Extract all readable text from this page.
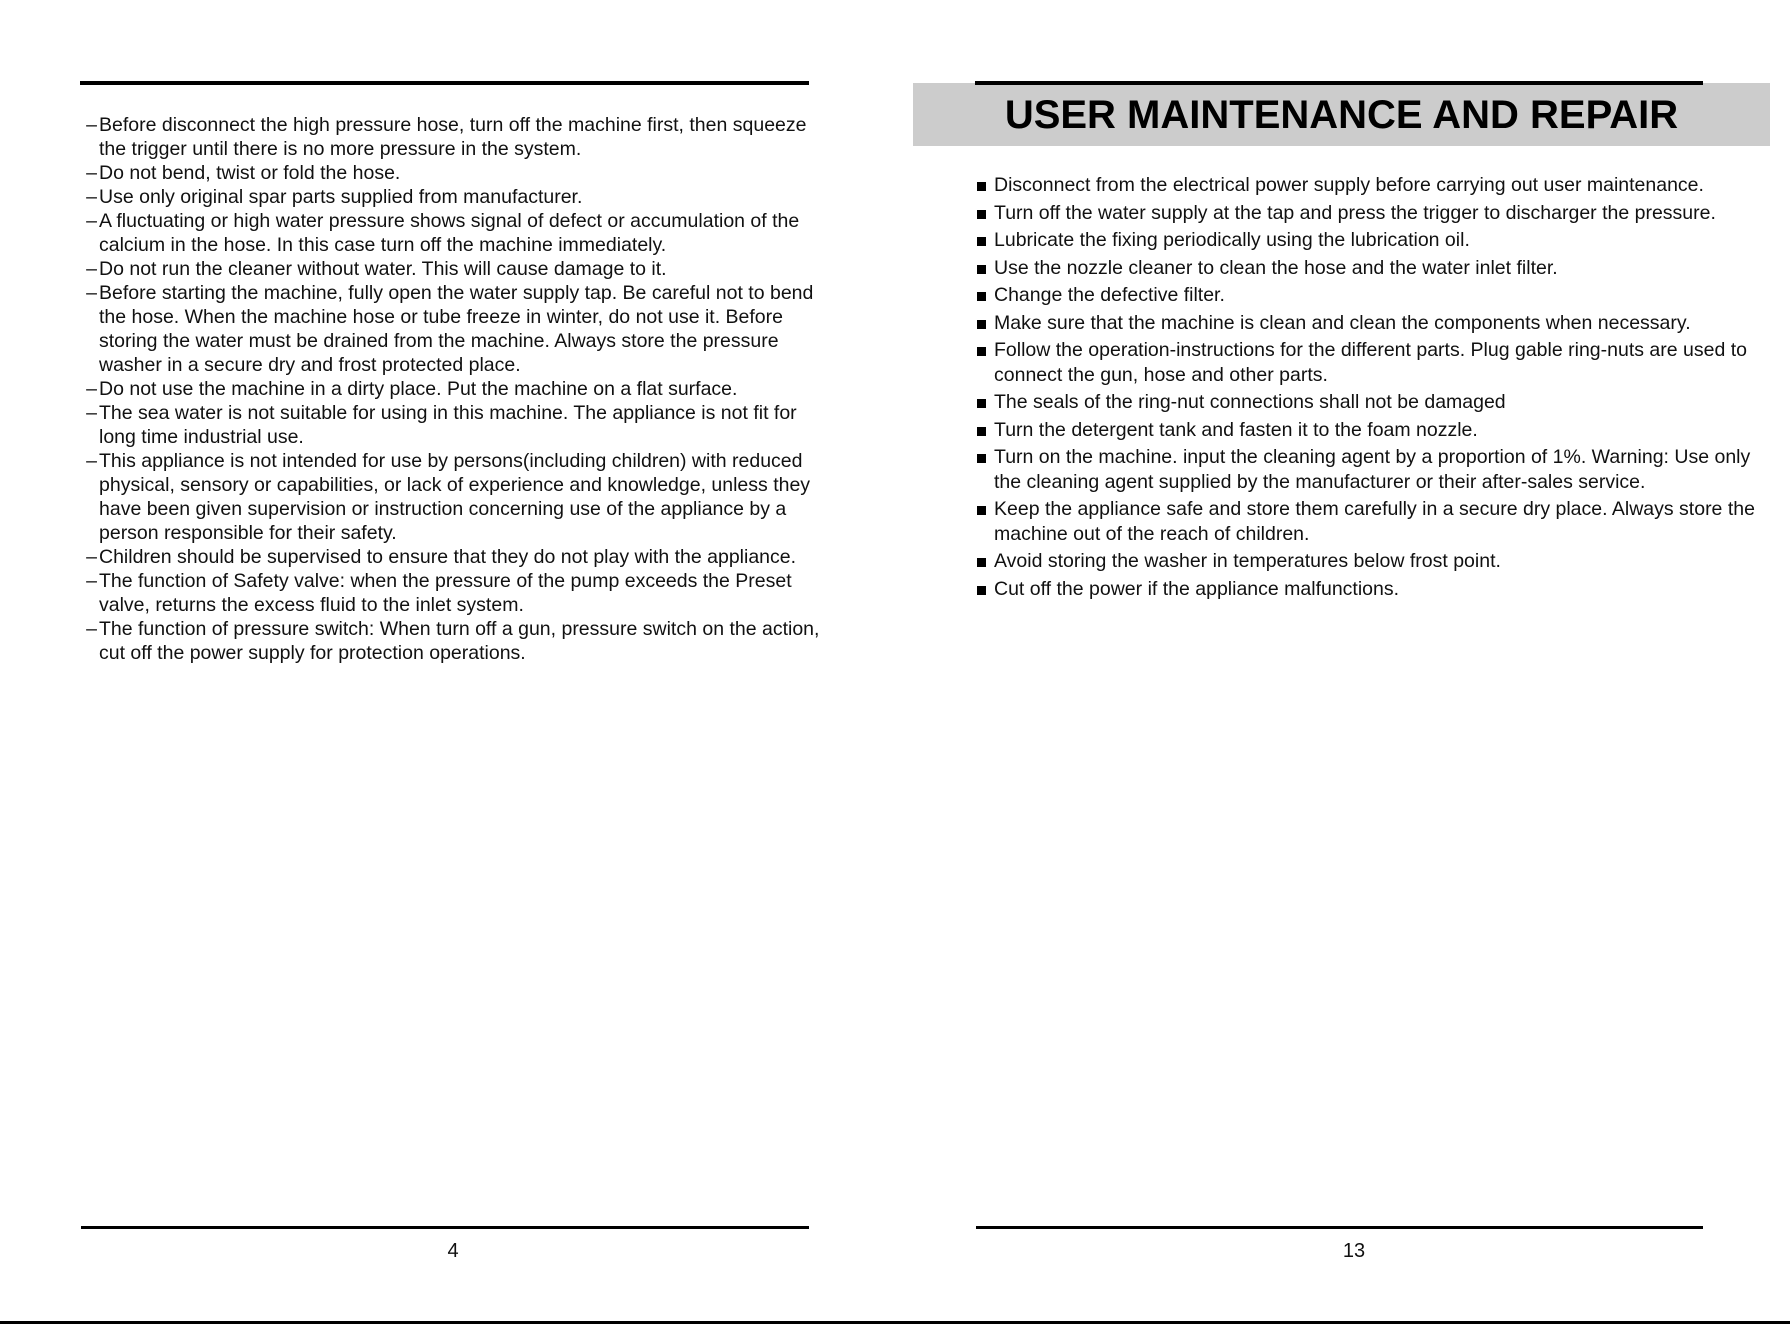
– Before disconnect the high pressure hose, turn off the machine first, then squeeze the trigger until there is no more pressure in the system.
– Do not bend, twist or fold the hose.
– Use only original spar parts supplied from manufacturer.
– A fluctuating or high water pressure shows signal of defect or accumulation of the calcium in the hose. In this case turn off the machine immediately.
– Do not run the cleaner without water. This will cause damage to it.
– Before starting the machine, fully open the water supply tap. Be careful not to bend the hose. When the machine hose or tube freeze in winter, do not use it. Before storing the water must be drained from the machine. Always store the pressure washer in a secure dry and frost protected place.
– Do not use the machine in a dirty place. Put the machine on a flat surface.
– The sea water is not suitable for using in this machine. The appliance is not fit for long time industrial use.
– This appliance is not intended for use by persons(including children) with reduced physical, sensory or capabilities, or lack of experience and knowledge, unless they have been given supervision or instruction concerning use of the appliance by a person responsible for their safety.
– Children should be supervised to ensure that they do not play with the appliance.
– The function of Safety valve: when the pressure of the pump exceeds the Preset valve, returns the excess fluid to the inlet system.
– The function of pressure switch: When turn off a gun, pressure switch on the action, cut off the power supply for protection operations.
4
USER MAINTENANCE AND REPAIR
Disconnect from the electrical power supply before carrying out user maintenance.
Turn off the water supply at the tap and press the trigger to discharger the pressure.
Lubricate the fixing periodically using the lubrication oil.
Use the nozzle cleaner to clean the hose and the water inlet filter.
Change the defective filter.
Make sure that the machine is clean and clean the components when necessary.
Follow the operation-instructions for the different parts. Plug gable ring-nuts are used to connect the gun, hose and other parts.
The seals of the ring-nut connections shall not be damaged
Turn the detergent tank and fasten it to the foam nozzle.
Turn on the machine. input the cleaning agent by a proportion of 1%. Warning: Use only the cleaning agent supplied by the manufacturer or their after-sales service.
Keep the appliance safe and store them carefully in a secure dry place. Always store the machine out of the reach of children.
Avoid storing the washer in temperatures below frost point.
Cut off the power if the appliance malfunctions.
13
